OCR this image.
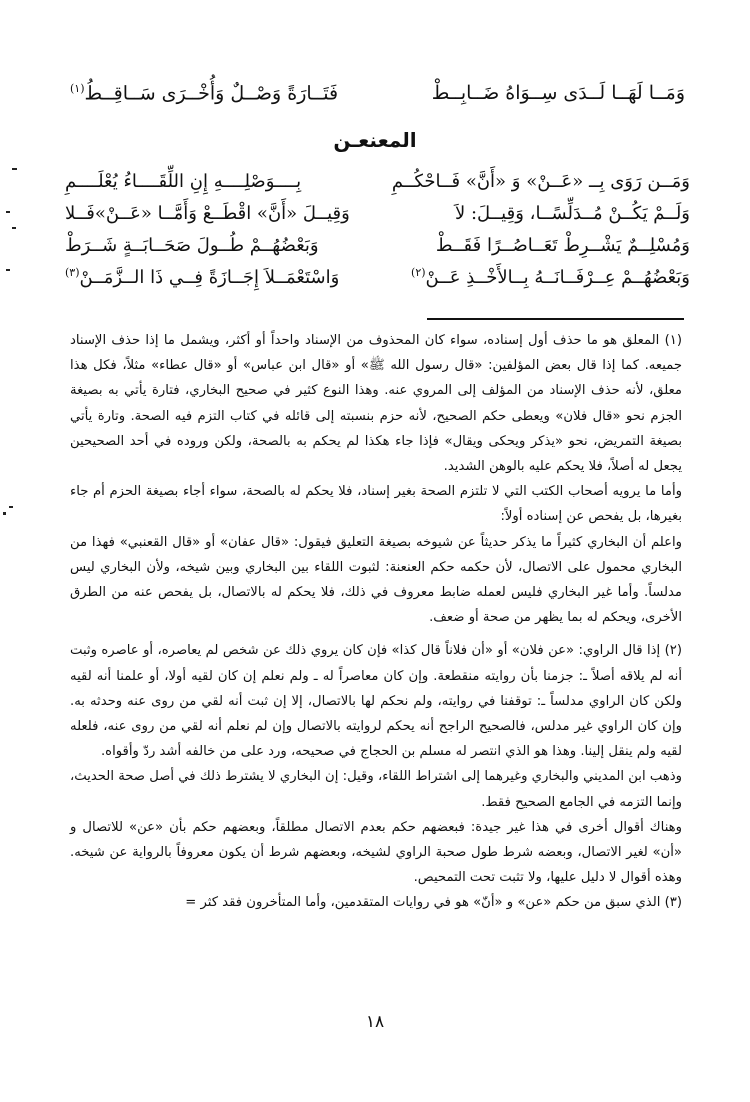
وَمَــا لَهَــا لَــدَى سِــوَاهُ ضَــابِــطْ
فَتَــارَةً وَصْــلٌ وَأُخْــرَى سَــاقِــطُ$^{(١)}$
المعنعـن
وَمَــن رَوَى بِــ «عَــنْ» وَ «أَنَّ» فَــاحْكُــمِ
بِــــوَصْلِــــهِ إِنِ اللِّقَــــاءُ يُعْلَــــمِ
وَلَــمْ يَكُــنْ مُــدَلِّسًــا، وَقِيــلَ: لاَ
وَقِيــلَ «أَنَّ» اقْطَــعْ وَأَمَّــا «عَــنْ»فَــلا
وَمُسْلِــمٌ يَشْــرِطْ تَعَــاصُــرًا فَقَــطْ
وَبَعْضُهُــمْ طُــولَ صَحَــابَــةٍ شَــرَطْ
وَبَعْضُهُــمْ عِــرْفَــانَــهُ بِــالأَخْــذِ عَــنْ$^{(٢)}$
وَاسْتَعْمَــلاَ إِجَــازَةً فِــي ذَا الــزَّمَــنْ$^{(٣)}$

(١) المعلق هو ما حذف أول إسناده، سواء كان المحذوف من الإسناد واحداً أو أكثر، ويشمل ما إذا حذف الإسناد جميعه. كما إذا قال بعض المؤلفين: «قال رسول الله ﷺ» أو «قال ابن عباس» أو «قال عطاء» مثلاً، فكل هذا معلق، لأنه حذف الإسناد من المؤلف إلى المروي عنه. وهذا النوع كثير في صحيح البخاري، فتارة يأتي به بصيغة الجزم نحو «قال فلان» ويعطى حكم الصحيح، لأنه حزم بنسبته إلى قائله في كتاب التزم فيه الصحة. وتارة يأتي بصيغة التمريض، نحو «يذكر ويحكى ويقال» فإذا جاء هكذا لم يحكم به بالصحة، ولكن وروده في أحد الصحيحين يجعل له أصلاً، فلا يحكم عليه بالوهن الشديد.

وأما ما يرويه أصحاب الكتب التي لا تلتزم الصحة بغير إسناد، فلا يحكم له بالصحة، سواء أجاء بصيغة الحزم أم جاء بغيرها، بل يفحص عن إسناده أولاً:

واعلم أن البخاري كثيراً ما يذكر حديثاً عن شيوخه بصيغة التعليق فيقول: «قال عفان» أو «قال القعنبي» فهذا من البخاري محمول على الاتصال، لأن حكمه حكم العنعنة: لثبوت اللقاء بين البخاري وبين شيخه، ولأن البخاري ليس مدلساً. وأما غير البخاري فليس لعمله ضابط معروف في ذلك، فلا يحكم له بالاتصال، بل يفحص عنه من الطرق الأخرى، ويحكم له بما يظهر من صحة أو ضعف.

(٢) إذا قال الراوي: «عن فلان» أو «أن فلاناً قال كذا» فإن كان يروي ذلك عن شخص لم يعاصره، أو عاصره وثبت أنه لم يلاقه أصلاً ـ: جزمنا بأن روايته منقطعة. وإن كان معاصراً له ـ ولم نعلم إن كان لقيه أولا، أو علمنا أنه لقيه ولكن كان الراوي مدلساً ـ: توقفنا في روايته، ولم نحكم لها بالاتصال، إلا إن ثبت أنه لقي من روى عنه وحدثه به. وإن كان الراوي غير مدلس، فالصحيح الراجح أنه يحكم لروايته بالاتصال وإن لم نعلم أنه لقي من روى عنه، فلعله لقيه ولم ينقل إلينا. وهذا هو الذي انتصر له مسلم بن الحجاج في صحيحه، ورد على من خالفه أشد ردّ وأقواه.

وذهب ابن المديني والبخاري وغيرهما إلى اشتراط اللقاء، وقيل: إن البخاري لا يشترط ذلك في أصل صحة الحديث، وإنما التزمه في الجامع الصحيح فقط.

وهناك أقوال أخرى في هذا غير جيدة: فبعضهم حكم بعدم الاتصال مطلقاً، وبعضهم حكم بأن «عن» للاتصال و «أن» لغير الاتصال، وبعضه شرط طول صحبة الراوي لشيخه، وبعضهم شرط أن يكون معروفاً بالرواية عن شيخه. وهذه أقوال لا دليل عليها، ولا تثبت تحت التمحيص.

(٣) الذي سبق من حكم «عن» و «أنّ» هو في روايات المتقدمين، وأما المتأخرون فقد كثر =

١٨
